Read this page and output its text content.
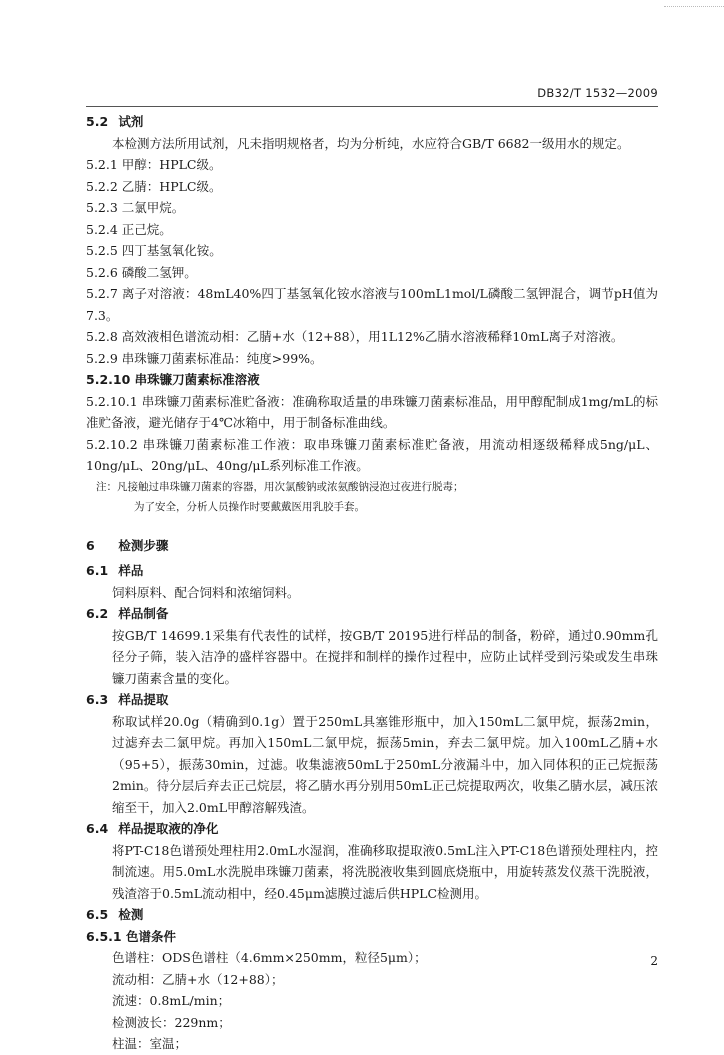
DB32/T 1532—2009
5.2 试剂
本检测方法所用试剂，凡未指明规格者，均为分析纯，水应符合GB/T 6682一级用水的规定。
5.2.1 甲醇：HPLC级。
5.2.2 乙腈：HPLC级。
5.2.3 二氯甲烷。
5.2.4 正己烷。
5.2.5 四丁基氢氧化铵。
5.2.6 磷酸二氢钾。
5.2.7 离子对溶液：48mL40%四丁基氢氧化铵水溶液与100mL1mol/L磷酸二氢钾混合，调节pH值为7.3。
5.2.8 高效液相色谱流动相：乙腈+水（12+88），用1L12%乙腈水溶液稀释10mL离子对溶液。
5.2.9 串珠镰刀菌素标准品：纯度>99%。
5.2.10 串珠镰刀菌素标准溶液
5.2.10.1 串珠镰刀菌素标准贮备液：准确称取适量的串珠镰刀菌素标准品，用甲醇配制成1mg/mL的标准贮备液，避光储存于4℃冰箱中，用于制备标准曲线。
5.2.10.2 串珠镰刀菌素标准工作液：取串珠镰刀菌素标准贮备液，用流动相逐级稀释成5ng/μL、10ng/μL、20ng/μL、40ng/μL系列标准工作液。
注：凡接触过串珠镰刀菌素的容器，用次氯酸钠或浓氨酸钠浸泡过夜进行脱毒；
为了安全，分析人员操作时要戴戴医用乳胶手套。
6 检测步骤
6.1 样品
饲料原料、配合饲料和浓缩饲料。
6.2 样品制备
按GB/T 14699.1采集有代表性的试样，按GB/T 20195进行样品的制备，粉碎，通过0.90mm孔径分子筛，装入洁净的盛样容器中。在搅拌和制样的操作过程中，应防止试样受到污染或发生串珠镰刀菌素含量的变化。
6.3 样品提取
称取试样20.0g（精确到0.1g）置于250mL具塞锥形瓶中，加入150mL二氯甲烷，振荡2min，过滤弃去二氯甲烷。再加入150mL二氯甲烷，振荡5min，弃去二氯甲烷。加入100mL乙腈+水（95+5），振荡30min，过滤。收集滤液50mL于250mL分液漏斗中，加入同体积的正己烷振荡2min。待分层后弃去正己烷层，将乙腈水再分别用50mL正己烷提取两次，收集乙腈水层，减压浓缩至干，加入2.0mL甲醇溶解残渣。
6.4 样品提取液的净化
将PT-C18色谱预处理柱用2.0mL水湿润，准确移取提取液0.5mL注入PT-C18色谱预处理柱内，控制流速。用5.0mL水洗脱串珠镰刀菌素，将洗脱液收集到圆底烧瓶中，用旋转蒸发仪蒸干洗脱液，残渣溶于0.5mL流动相中，经0.45μm滤膜过滤后供HPLC检测用。
6.5 检测
6.5.1 色谱条件
色谱柱：ODS色谱柱（4.6mm×250mm，粒径5μm）；
流动相：乙腈+水（12+88）；
流速：0.8mL/min；
检测波长：229nm；
柱温：室温；
2
